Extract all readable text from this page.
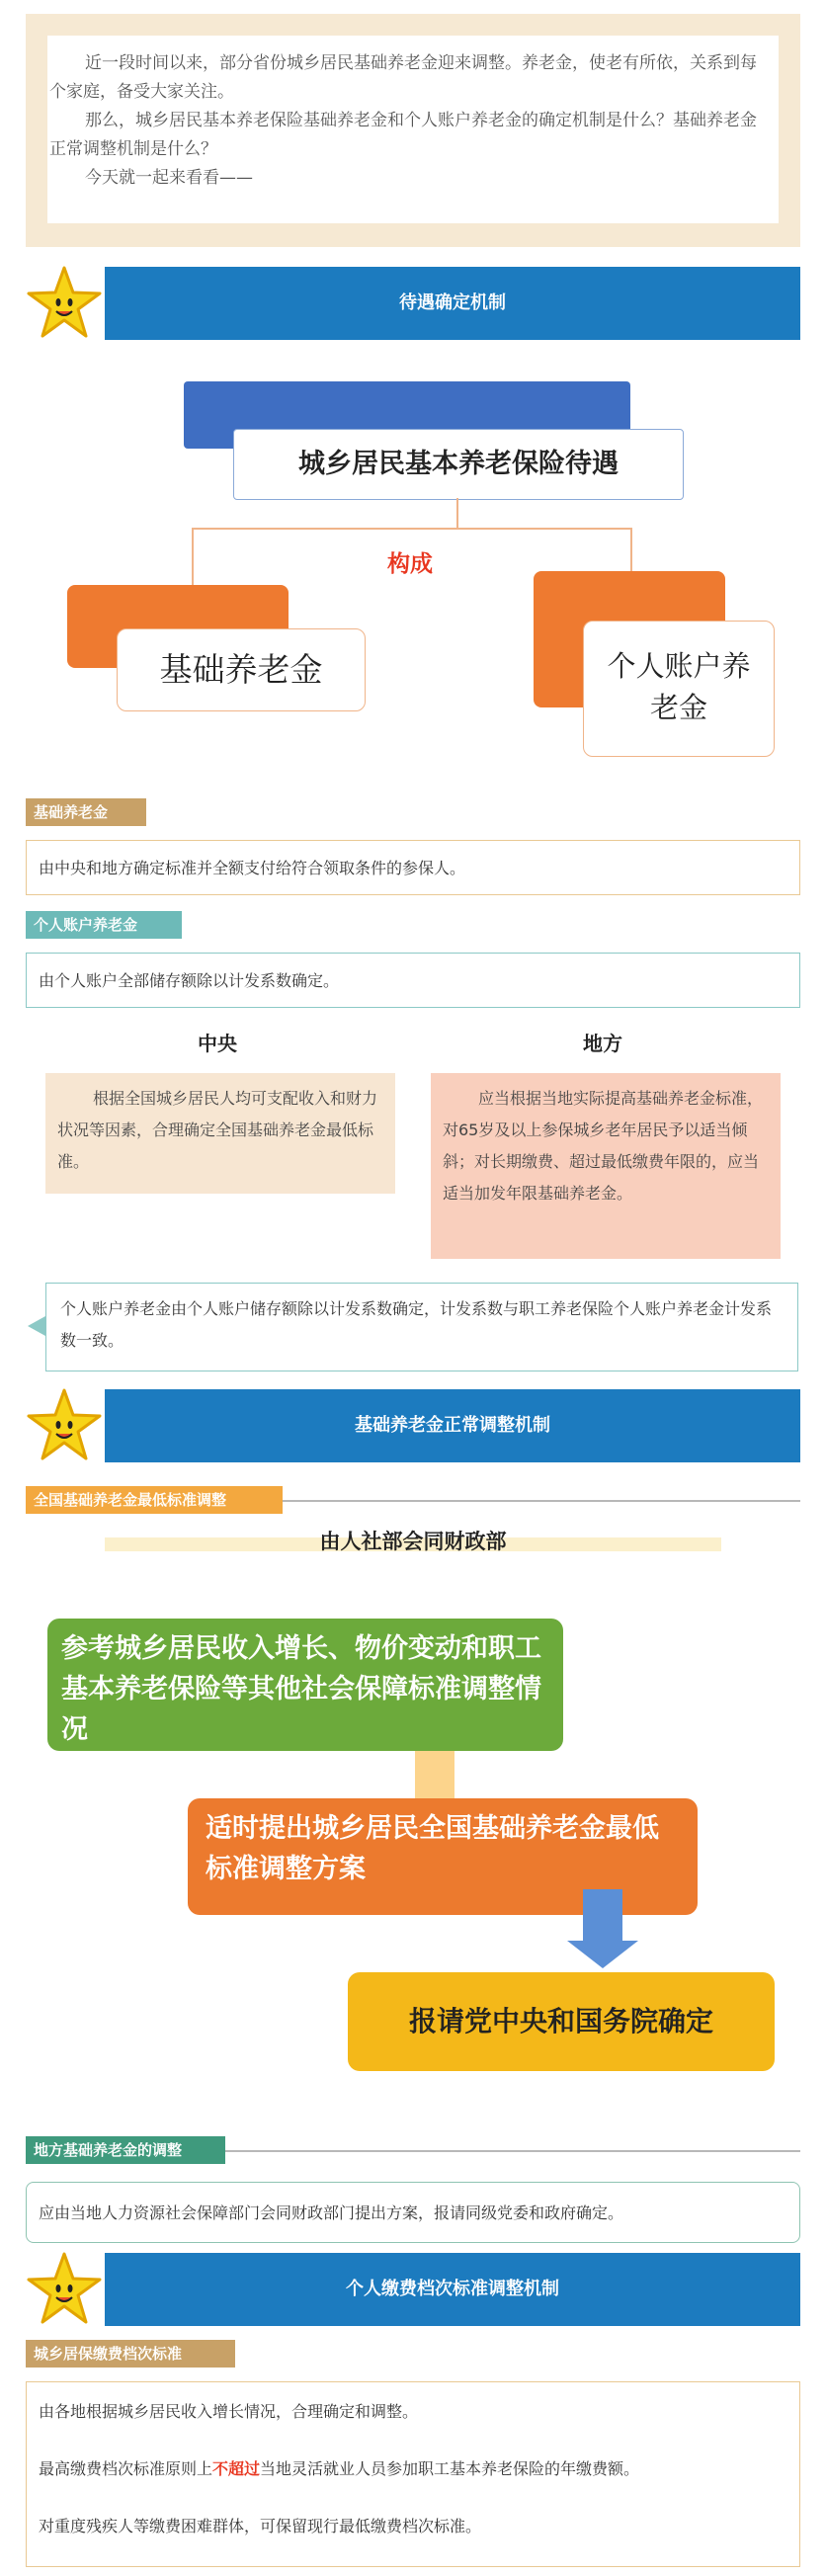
近一段时间以来，部分省份城乡居民基础养老金迎来调整。养老金，使老有所依，关系到每个家庭，备受大家关注。

那么，城乡居民基本养老保险基础养老金和个人账户养老金的确定机制是什么？基础养老金正常调整机制是什么？

今天就一起来看看——

待遇确定机制
城乡居民基本养老保险待遇
构成
基础养老金	个人账户养老金
基础养老金
由中央和地方确定标准并全额支付给符合领取条件的参保人。
个人账户养老金
由个人账户全部储存额除以计发系数确定。
中央	地方
根据全国城乡居民人均可支配收入和财力状况等因素，合理确定全国基础养老金最低标准。
应当根据当地实际提高基础养老金标准，对65岁及以上参保城乡老年居民予以适当倾斜；对长期缴费、超过最低缴费年限的，应当适当加发年限基础养老金。
个人账户养老金由个人账户储存额除以计发系数确定，计发系数与职工养老保险个人账户养老金计发系数一致。
基础养老金正常调整机制
全国基础养老金最低标准调整
由人社部会同财政部
参考城乡居民收入增长、物价变动和职工基本养老保险等其他社会保障标准调整情况
适时提出城乡居民全国基础养老金最低标准调整方案
报请党中央和国务院确定
地方基础养老金的调整
应由当地人力资源社会保障部门会同财政部门提出方案，报请同级党委和政府确定。
个人缴费档次标准调整机制
城乡居保缴费档次标准
由各地根据城乡居民收入增长情况，合理确定和调整。
最高缴费档次标准原则上不超过当地灵活就业人员参加职工基本养老保险的年缴费额。
对重度残疾人等缴费困难群体，可保留现行最低缴费档次标准。
